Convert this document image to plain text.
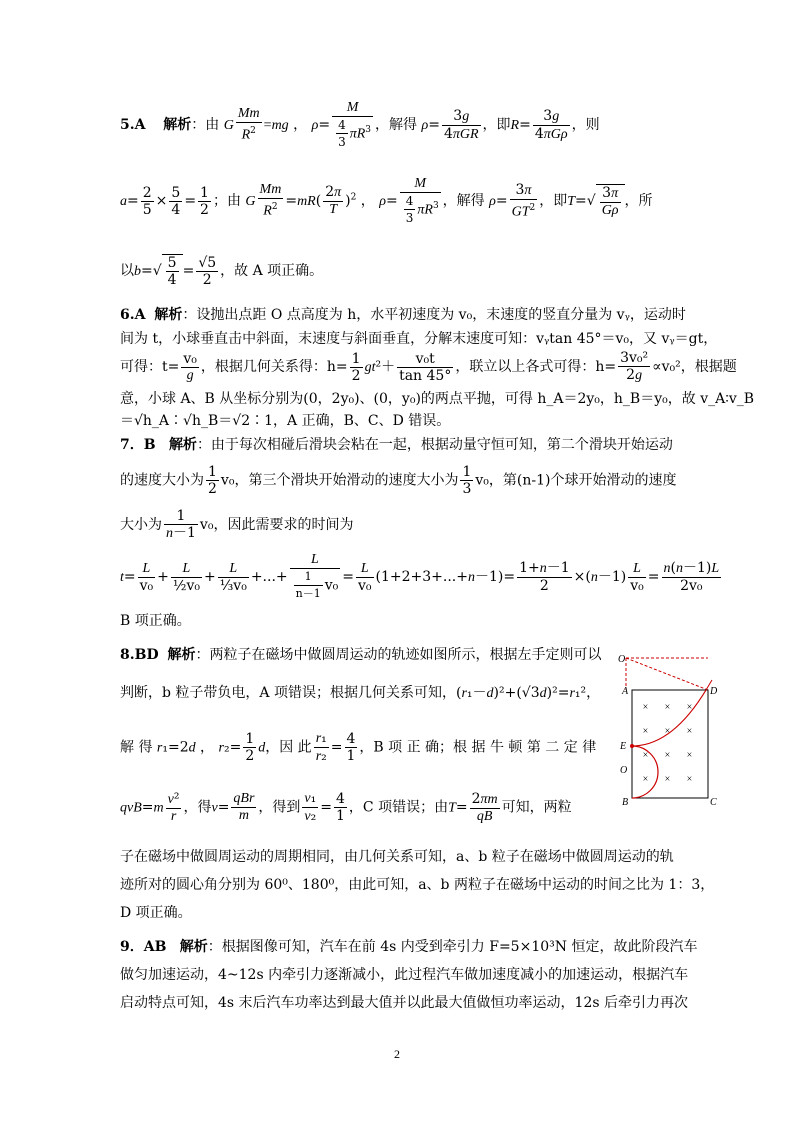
5.A 解析：由 G $\frac{Mm}{R^2} =mg$ ， $\rho= \frac{M}{\frac{4}{3} \pi R^3}$ ，解得 $\rho= \frac{3g}{\text{4πGR}}$ ，即$R= \frac{3g}{\text{4πGρ}}$ ，则
$a= \frac{2}{5} \times \frac{5}{4} = \frac{1}{2}$ ；由 G $\frac{Mm}{R^2} =mR( \frac{2\pi}{T} )^2$ ， $\rho= \frac{M}{\frac{4}{3} \pi R^3}$ ，解得 $\rho= \frac{3\pi}{GT^2}$ ，即$T=√ \frac{3\pi}{G\rho}$ ，所
以$b=√ \frac{5}{4} = \frac{√5}{2}$ ，故 A 项正确。
6.A 解析：设抛出点距 O 点高度为 h，水平初速度为 v₀，末速度的竖直分量为 vᵧ，运动时
间为 t，小球垂直击中斜面，末速度与斜面垂直，分解末速度可知：vᵧtan 45°＝v₀，又 vᵧ＝gt，
可得：$t= \frac{\text{v₀}}{g}$ ，根据几何关系得：$h= \frac{1}{2} gt^2+ \frac{\text{v₀t}}{\tan 45^\circ}$ ，联立以上各式可得：$h= \frac{\text{3v₀²}}{2g} \propto v_0^2$，根据题
意，小球 A、B 从坐标分别为(0，2y₀)、(0，y₀)的两点平抛，可得 h_A＝2y₀，h_B＝y₀，故 v_A∶v_B
＝√h_A∶√h_B＝√2∶1，A 正确，B、C、D 错误。
7．B 解析：由于每次相碰后滑块会粘在一起，根据动量守恒可知，第二个滑块开始运动
的速度大小为 $\frac{1}{2} v_0$，第三个滑块开始滑动的速度大小为 $\frac{1}{3} v_0$，第(n-1)个球开始滑动的速度
大小为 $\frac{1}{n-1} v_0$，因此需要求的时间为
$t= \frac{L}{\text{v₀}} + \frac{L}{\text{½v₀}} + \frac{L}{\text{⅓v₀}}$ +...+ $\frac{L}{\frac{1}{n-1} v_0} = \frac{L}{\text{v₀}} (1+2+3+...+n-1)= \frac{1+n-1}{2} \times(n-1) \frac{L}{\text{v₀}} = \frac{n(n-1)L}{\text{2v₀}}$
B 项正确。
8.BD 解析：两粒子在磁场中做圆周运动的轨迹如图所示，根据左手定则可以
判断，b 粒子带负电，A 项错误；根据几何关系可知，(r₁－d)²+(√3d)²=r₁²，
解 得 r₁=2d ， $r_2= \frac{1}{2}$ d，因 此 $\frac{\text{r₁}}{\text{r₂}} = \frac{4}{1}$ ，B 项 正 确；根 据 牛 顿 第 二 定 律
$qvB=m \frac{\text{v²}}{r}$ ，得$v= \frac{\text{qBr}}{m}$ ，得到 $\frac{\text{v₁}}{\text{v₂}} = \frac{4}{1}$ ，C 项错误；由$T= \frac{2\pi m}{qB}$ 可知，两粒
子在磁场中做圆周运动的周期相同，由几何关系可知，a、b 粒子在磁场中做圆周运动的轨
迹所对的圆心角分别为 60⁰、180⁰，由此可知，a、b 两粒子在磁场中运动的时间之比为 1：3，
D 项正确。
9．AB 解析：根据图像可知，汽车在前 4s 内受到牵引力 F=5×10³N 恒定，故此阶段汽车
做匀加速运动，4~12s 内牵引力逐渐减小，此过程汽车做加速度减小的加速运动，根据汽车
启动特点可知，4s 末后汽车功率达到最大值并以此最大值做恒功率运动，12s 后牵引力再次
× × ×
× × ×
× × ×
× × ×
O
A	D
E
O
B	C
2
